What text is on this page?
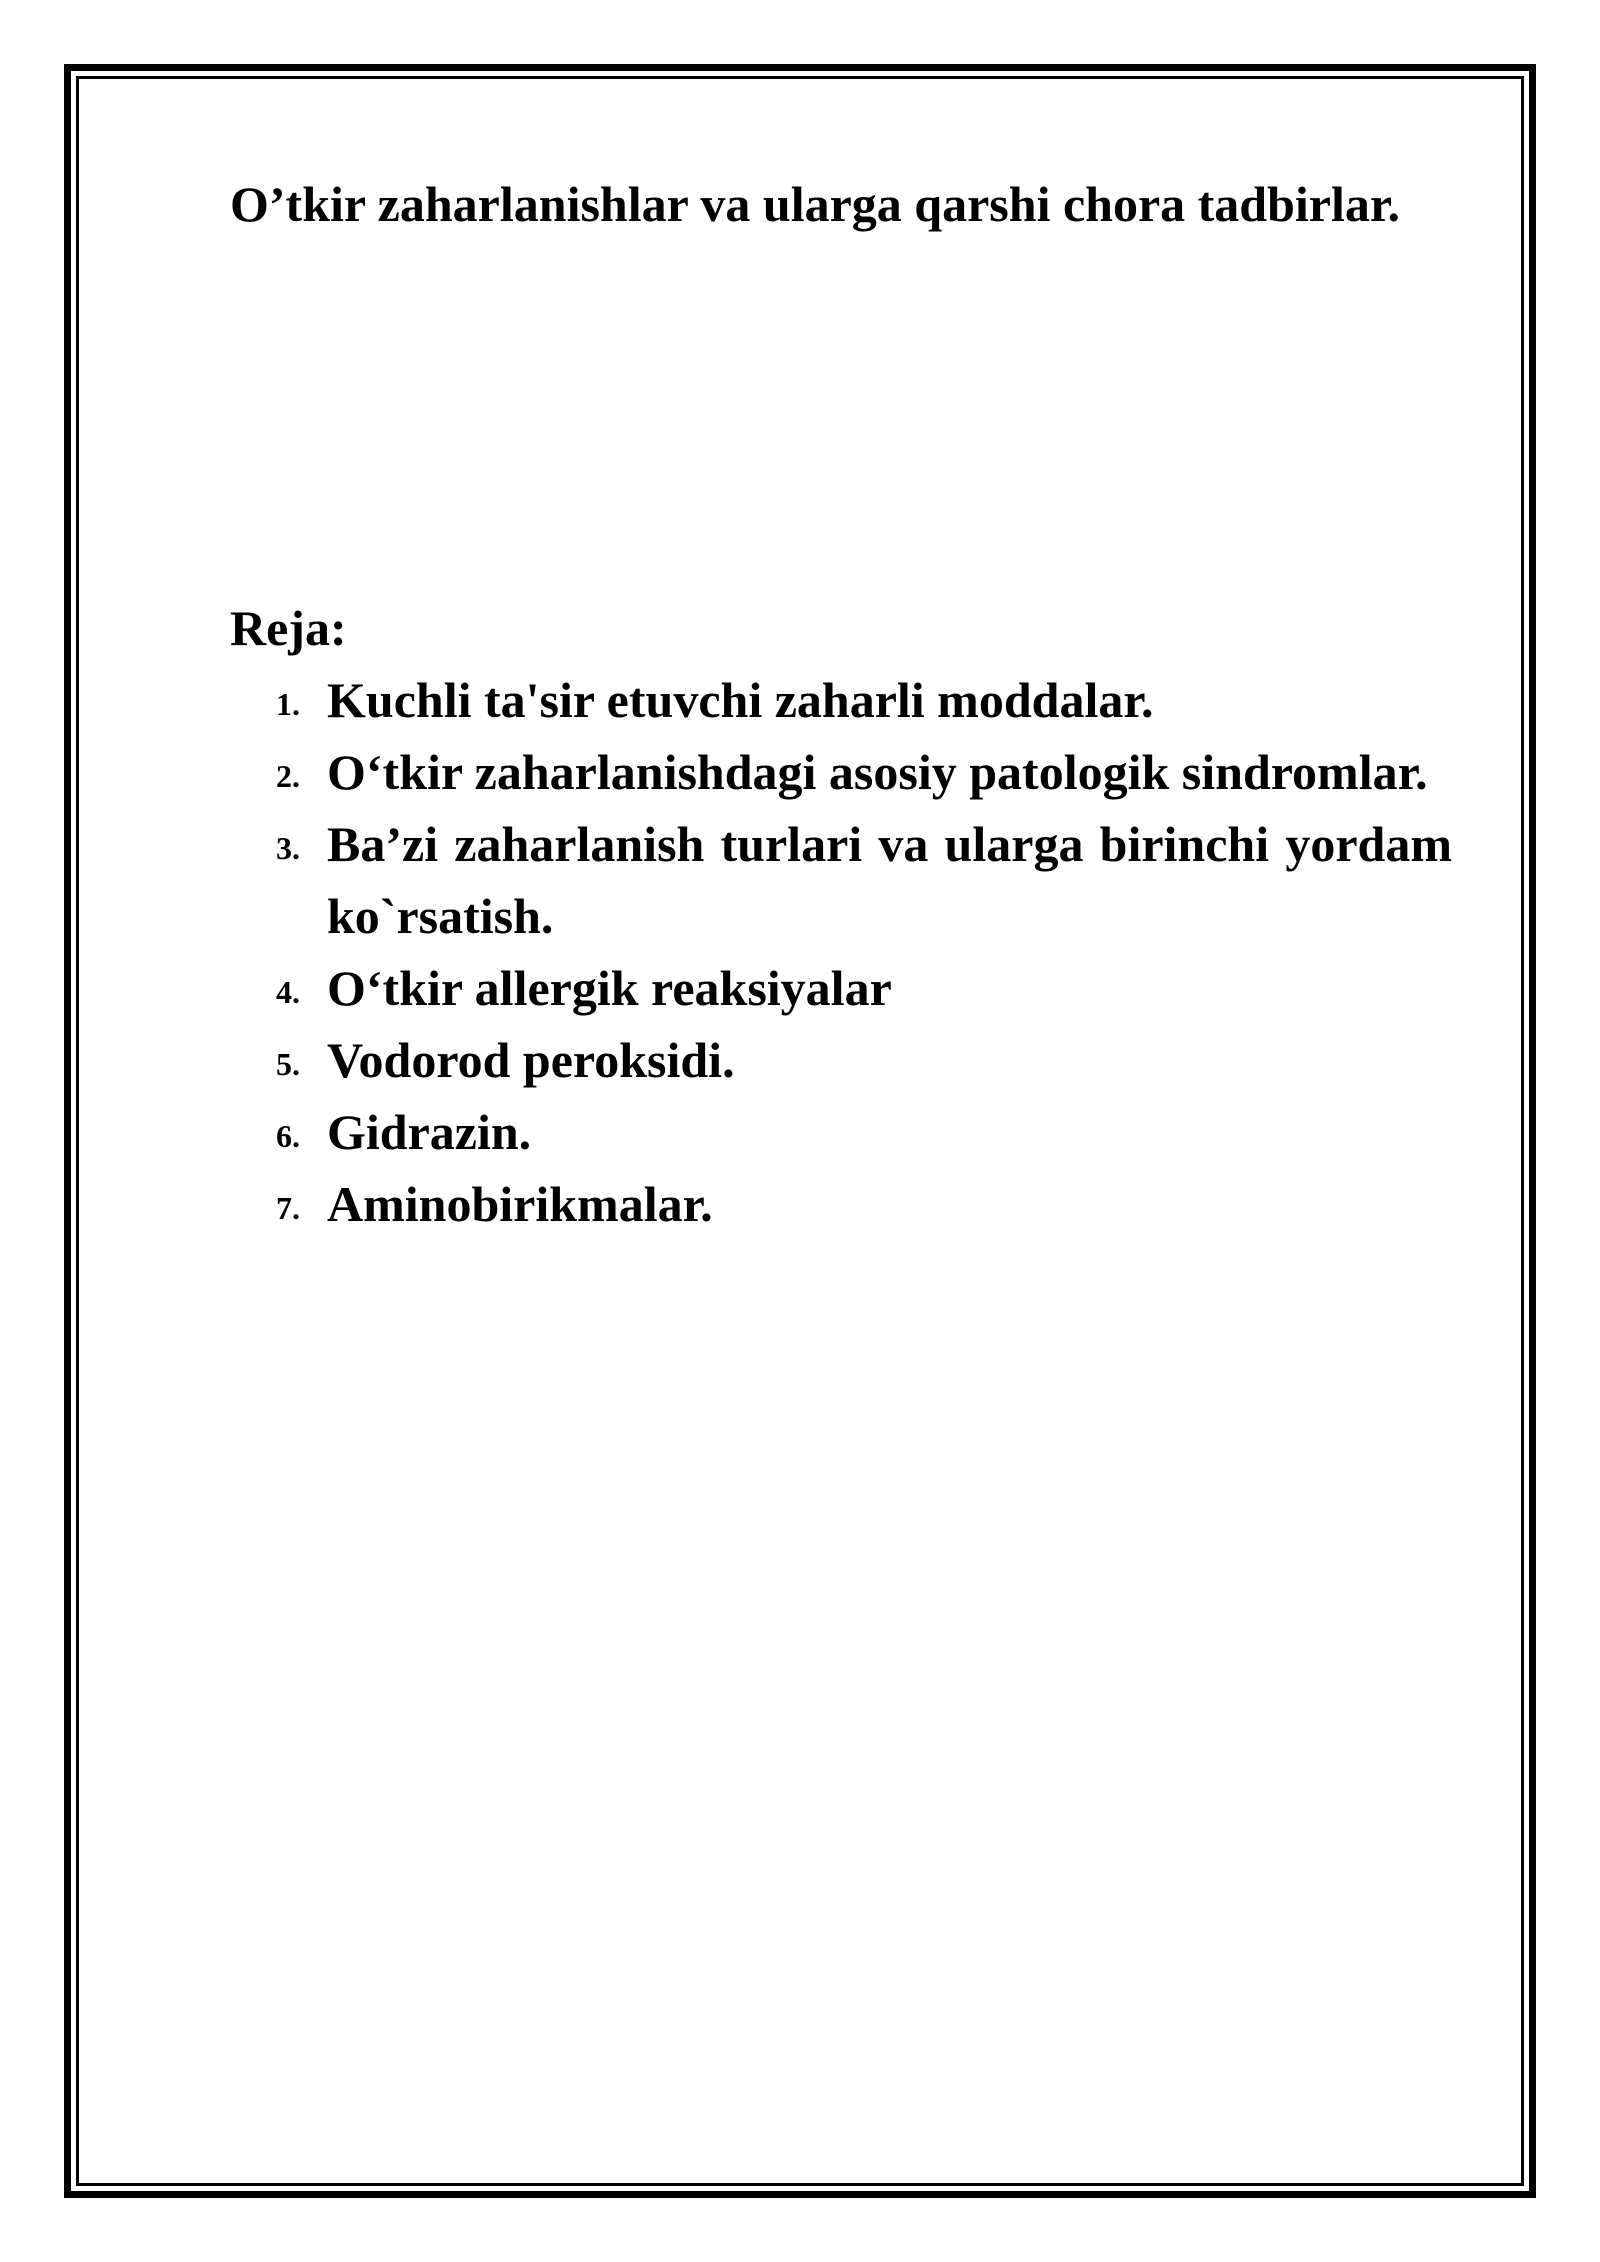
O’tkir zaharlanishlar va ularga qarshi chora tadbirlar.
Reja:
1. Kuchli ta'sir etuvchi zaharli moddalar.
2. O‘tkir zaharlanishdagi asosiy patologik sindromlar.
3. Ba’zi zaharlanish turlari va ularga birinchi yordam ko`rsatish.
4. O‘tkir allergik reaksiyalar
5. Vodorod peroksidi.
6. Gidrazin.
7. Aminobirikmalar.
